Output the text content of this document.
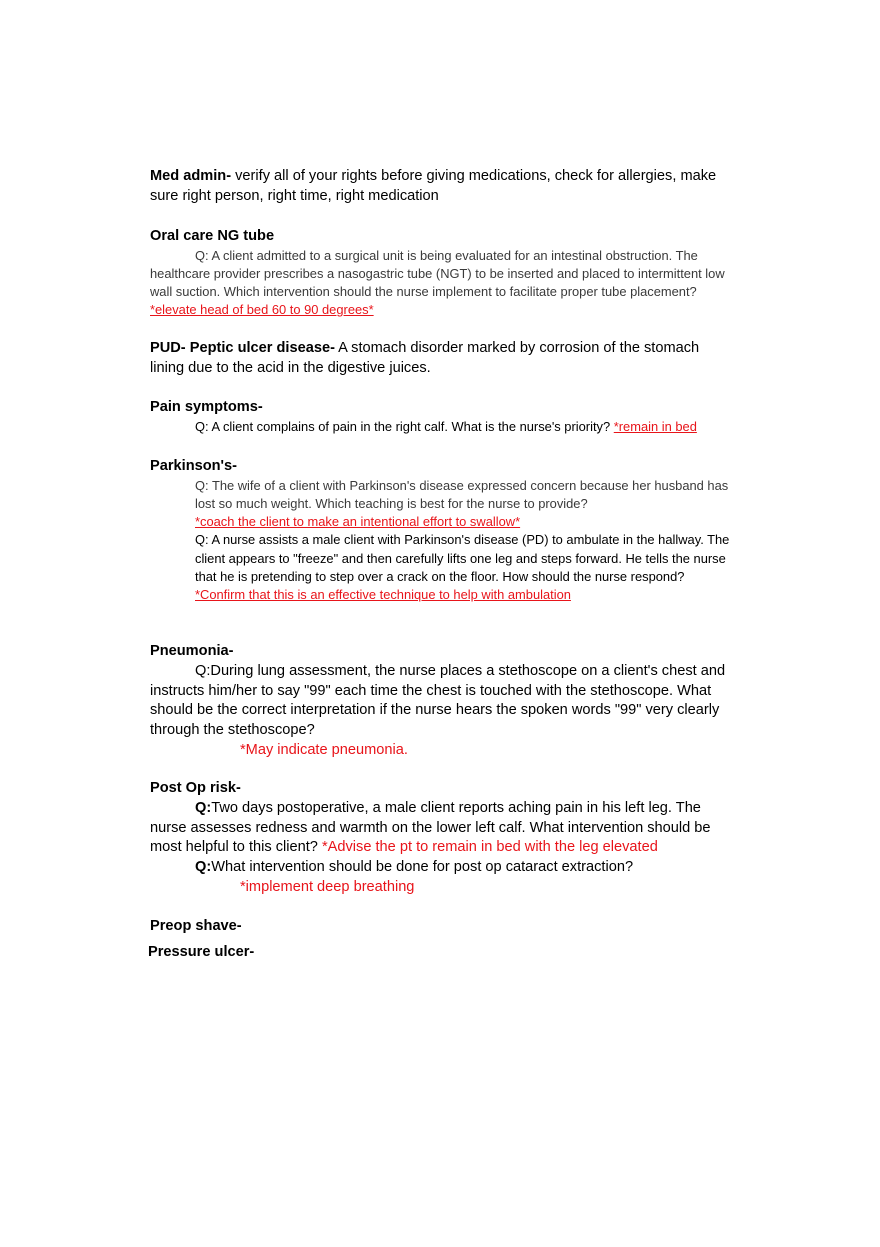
Med admin- verify all of your rights before giving medications, check for allergies, make sure right person, right time, right medication

Oral care NG tube

Q: A client admitted to a surgical unit is being evaluated for an intestinal obstruction. The healthcare provider prescribes a nasogastric tube (NGT) to be inserted and placed to intermittent low wall suction. Which intervention should the nurse implement to facilitate proper tube placement? *elevate head of bed 60 to 90 degrees*

PUD- Peptic ulcer disease- A stomach disorder marked by corrosion of the stomach lining due to the acid in the digestive juices.

Pain symptoms-

Q: A client complains of pain in the right calf. What is the nurse's priority? *remain in bed

Parkinson's-

Q: The wife of a client with Parkinson's disease expressed concern because her husband has lost so much weight. Which teaching is best for the nurse to provide?

*coach the client to make an intentional effort to swallow*

Q: A nurse assists a male client with Parkinson's disease (PD) to ambulate in the hallway. The client appears to "freeze" and then carefully lifts one leg and steps forward. He tells the nurse that he is pretending to step over a crack on the floor. How should the nurse respond?*Confirm that this is an effective technique to help with ambulation

Pneumonia-

Q:During lung assessment, the nurse places a stethoscope on a client's chest and instructs him/her to say "99" each time the chest is touched with the stethoscope. What should be the correct interpretation if the nurse hears the spoken words "99" very clearly through the stethoscope?

*May indicate pneumonia.

Post Op risk-

Q:Two days postoperative, a male client reports aching pain in his left leg. The nurse assesses redness and warmth on the lower left calf. What intervention should be most helpful to this client? *Advise the pt to remain in bed with the leg elevated

Q:What intervention should be done for post op cataract extraction?

*implement deep breathing

Preop shave-

Pressure ulcer-
